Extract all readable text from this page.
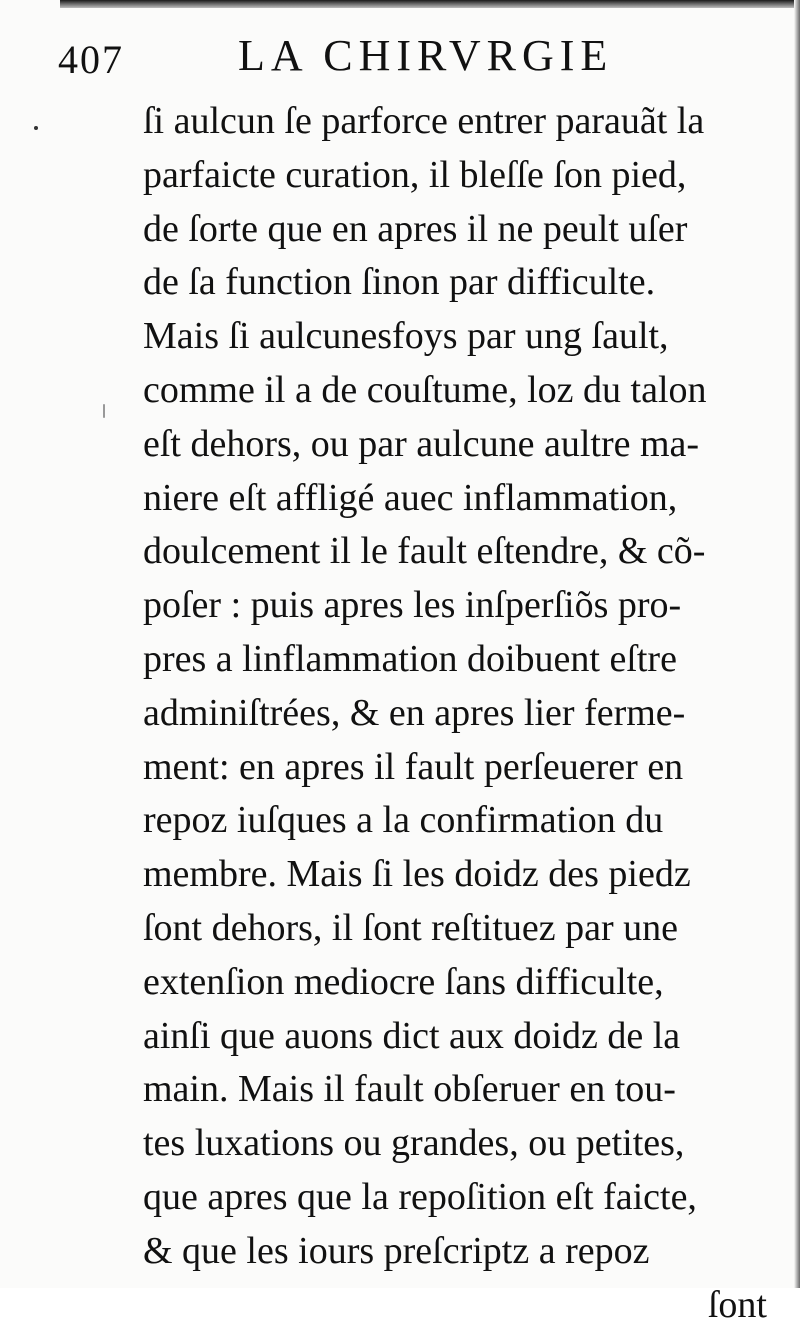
407	LA CHIRVRGIE
ſi aulcun ſe parforce entrer parauãt la
parfaicte curation, il bleſſe ſon pied,
de ſorte que en apres il ne peult uſer
de ſa function ſinon par difficulte.
Mais ſi aulcunesfoys par ung ſault,
comme il a de couſtume, loz du talon
eſt dehors, ou par aulcune aultre ma-
niere eſt affligé auec inflammation,
doulcement il le fault eſtendre, & cõ-
poſer : puis apres les inſperſiõs pro-
pres a linflammation doibuent eſtre
adminiſtrées, & en apres lier ferme-
ment: en apres il fault perſeuerer en
repoz iuſques a la confirmation du
membre. Mais ſi les doidz des piedz
ſont dehors, il ſont reſtituez par une
extenſion mediocre ſans difficulte,
ainſi que auons dict aux doidz de la
main. Mais il fault obſeruer en tou-
tes luxations ou grandes, ou petites,
que apres que la repoſition eſt faicte,
& que les iours preſcriptz a repoz
ſont
